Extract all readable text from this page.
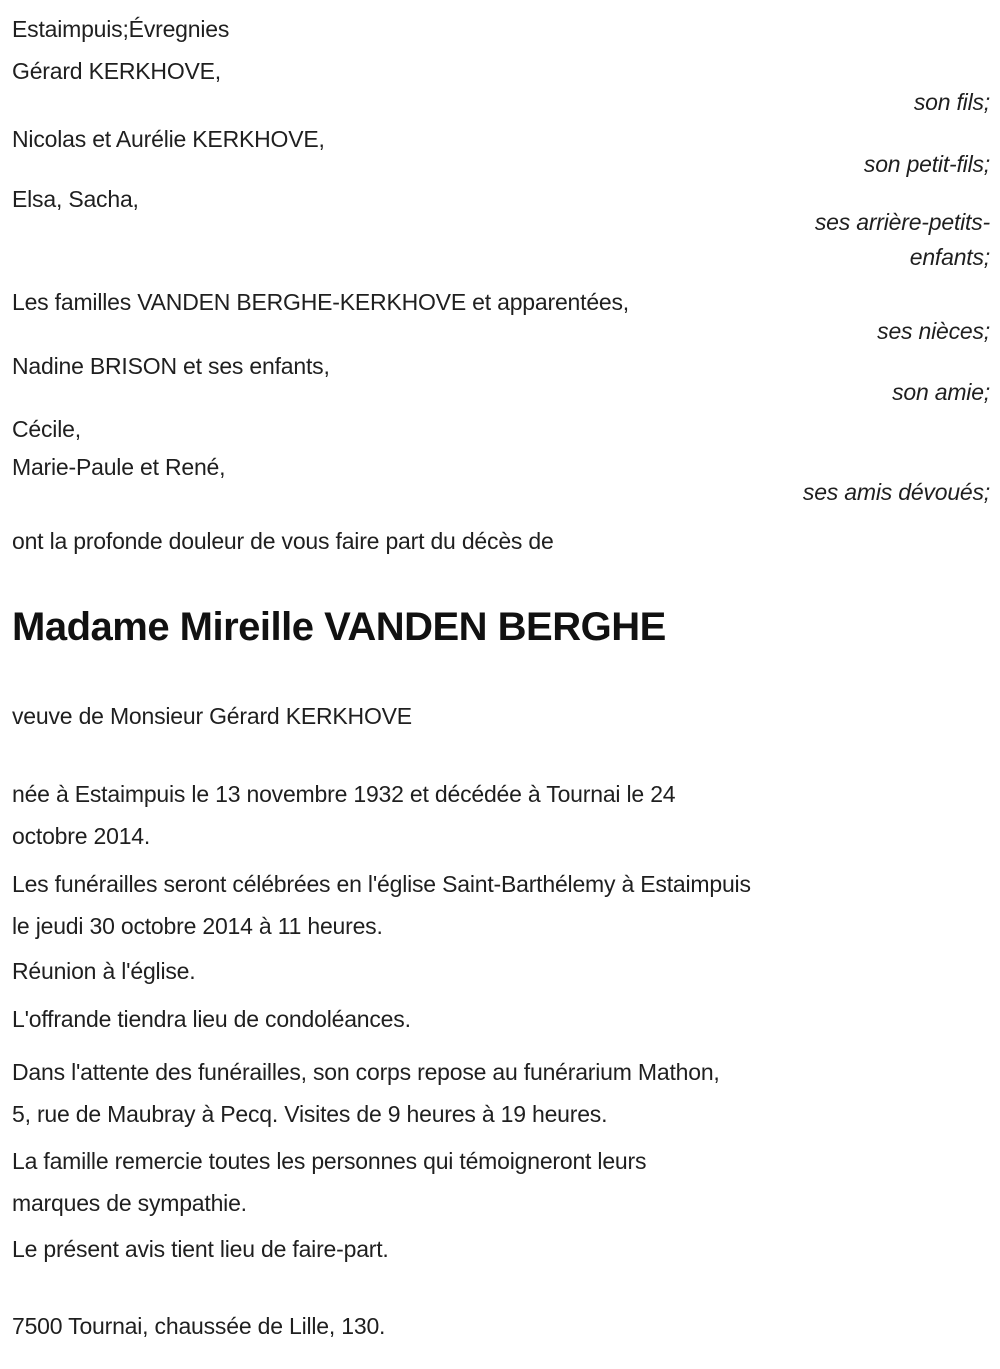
Estaimpuis;Évregnies
Gérard KERKHOVE,
son fils;
Nicolas et Aurélie KERKHOVE,
son petit-fils;
Elsa, Sacha,
ses arrière-petits-
enfants;
Les familles VANDEN BERGHE-KERKHOVE et apparentées,
ses nièces;
Nadine BRISON et ses enfants,
son amie;
Cécile,
Marie-Paule et René,
ses amis dévoués;
ont la profonde douleur de vous faire part du décès de
Madame Mireille VANDEN BERGHE
veuve de Monsieur Gérard KERKHOVE
née à Estaimpuis le 13 novembre 1932 et décédée à Tournai le 24
octobre 2014.
Les funérailles seront célébrées en l'église Saint-Barthélemy à Estaimpuis
le jeudi 30 octobre 2014 à 11 heures.
Réunion à l'église.
L'offrande tiendra lieu de condoléances.
Dans l'attente des funérailles, son corps repose au funérarium Mathon,
5, rue de Maubray à Pecq. Visites de 9 heures à 19 heures.
La famille remercie toutes les personnes qui témoigneront leurs
marques de sympathie.
Le présent avis tient lieu de faire-part.
7500 Tournai, chaussée de Lille, 130.
